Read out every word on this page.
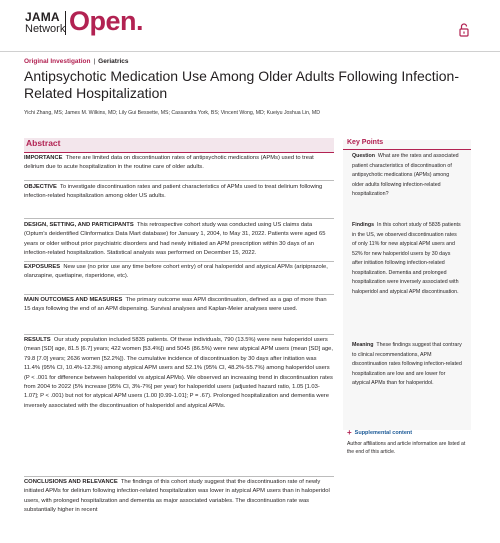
JAMA
Network Open.
Original Investigation | Geriatrics
Antipsychotic Medication Use Among Older Adults Following Infection-Related Hospitalization
Yichi Zhang, MS; James M. Wilkins, MD; Lily Gui Bessette, MS; Cassandra York, BS; Vincent Wong, MD; Kueiyu Joshua Lin, MD
Abstract
IMPORTANCE There are limited data on discontinuation rates of antipsychotic medications (APMs) used to treat delirium due to acute hospitalization in the routine care of older adults.
OBJECTIVE To investigate discontinuation rates and patient characteristics of APMs used to treat delirium following infection-related hospitalization among older US adults.
DESIGN, SETTING, AND PARTICIPANTS This retrospective cohort study was conducted using US claims data (Optum's deidentified Clinformatics Data Mart database) for January 1, 2004, to May 31, 2022. Patients were aged 65 years or older without prior psychiatric disorders and had newly initiated an APM prescription within 30 days of an infection-related hospitalization. Statistical analysis was performed on December 15, 2022.
EXPOSURES New use (no prior use any time before cohort entry) of oral haloperidol and atypical APMs (aripiprazole, olanzapine, quetiapine, risperidone, etc).
MAIN OUTCOMES AND MEASURES The primary outcome was APM discontinuation, defined as a gap of more than 15 days following the end of an APM dispensing. Survival analyses and Kaplan-Meier analyses were used.
RESULTS Our study population included 5835 patients. Of these individuals, 790 (13.5%) were new haloperidol users (mean [SD] age, 81.5 [6.7] years; 422 women [53.4%]) and 5045 (86.5%) were new atypical APM users (mean [SD] age, 79.8 [7.0] years; 2636 women [52.2%]). The cumulative incidence of discontinuation by 30 days after initiation was 11.4% (95% CI, 10.4%-12.3%) among atypical APM users and 52.1% (95% CI, 48.2%-55.7%) among haloperidol users (P < .001 for difference between haloperidol vs atypical APMs). We observed an increasing trend in discontinuation rates from 2004 to 2022 (5% increase [95% CI, 3%-7%] per year) for haloperidol users (adjusted hazard ratio, 1.05 [1.03-1.07]; P < .001) but not for atypical APM users (1.00 [0.99-1.01]; P = .67). Prolonged hospitalization and dementia were inversely associated with the discontinuation of haloperidol and atypical APMs.
CONCLUSIONS AND RELEVANCE The findings of this cohort study suggest that the discontinuation rate of newly initiated APMs for delirium following infection-related hospitalization was lower in atypical APM users than in haloperidol users, with prolonged hospitalization and dementia as major associated variables. The discontinuation rate was substantially higher in recent
Key Points
Question What are the rates and associated patient characteristics of discontinuation of antipsychotic medications (APMs) among older adults following infection-related hospitalization?
Findings In this cohort study of 5835 patients in the US, we observed discontinuation rates of only 11% for new atypical APM users and 52% for new haloperidol users by 30 days after initiation following infection-related hospitalization. Dementia and prolonged hospitalization were inversely associated with haloperidol and atypical APM discontinuation.
Meaning These findings suggest that contrary to clinical recommendations, APM discontinuation rates following infection-related hospitalization are low and are lower for atypical APMs than for haloperidol.
+ Supplemental content
Author affiliations and article information are listed at the end of this article.
